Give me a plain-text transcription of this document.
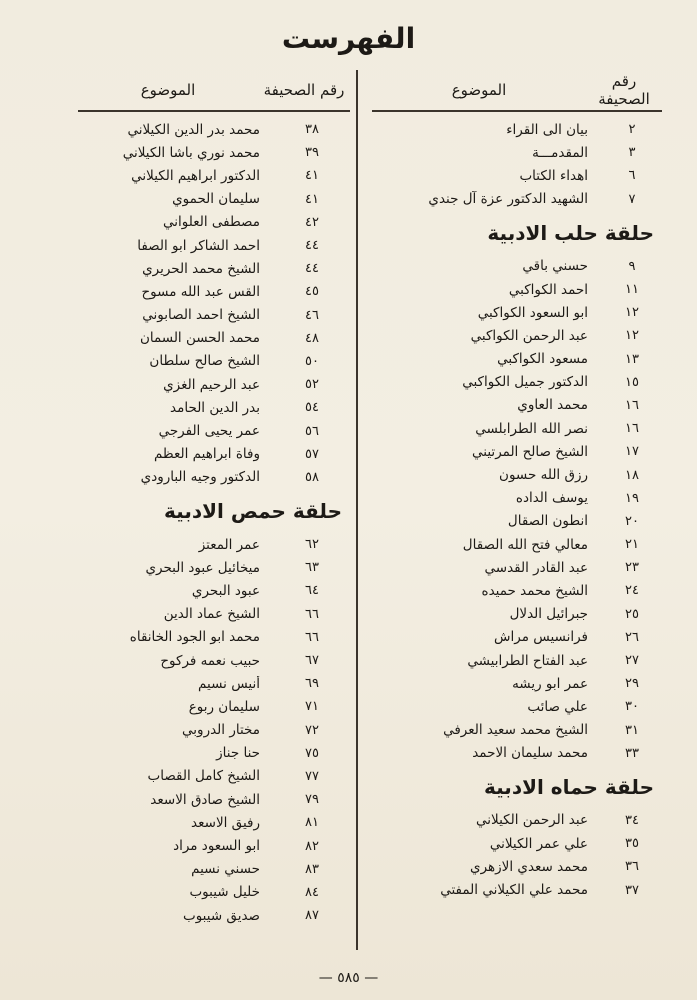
الفهرست
رقم الصحيفة
الموضوع
٢
بيان الى القراء
٣
المقدمـــة
٦
اهداء الكتاب
٧
الشهيد الدكتور عزة آل جندي
حلقة حلب الادبية
٩
حسني باقي
١١
احمد الكواكبي
١٢
ابو السعود الكواكبي
١٢
عبد الرحمن الكواكبي
١٣
مسعود الكواكبي
١٥
الدكتور جميل الكواكبي
١٦
محمد العاوي
١٦
نصر الله الطرابلسي
١٧
الشيخ صالح المرتيني
١٨
رزق الله حسون
١٩
يوسف الداده
٢٠
انطون الصقال
٢١
معالي فتح الله الصقال
٢٣
عبد القادر القدسي
٢٤
الشيخ محمد حميده
٢٥
جبرائيل الدلال
٢٦
فرانسيس مراش
٢٧
عبد الفتاح الطرابيشي
٢٩
عمر ابو ريشه
٣٠
علي صائب
٣١
الشيخ محمد سعيد العرفي
٣٣
محمد سليمان الاحمد
حلقة حماه الادبية
٣٤
عبد الرحمن الكيلاني
٣٥
علي عمر الكيلاني
٣٦
محمد سعدي الازهري
٣٧
محمد علي الكيلاني المفتي
رقم الصحيفة
الموضوع
٣٨
محمد بدر الدين الكيلاني
٣٩
محمد نوري باشا الكيلاني
٤١
الدكتور ابراهيم الكيلاني
٤١
سليمان الحموي
٤٢
مصطفى العلواني
٤٤
احمد الشاكر ابو الصفا
٤٤
الشيخ محمد الحريري
٤٥
القس عبد الله مسوح
٤٦
الشيخ احمد الصابوني
٤٨
محمد الحسن السمان
٥٠
الشيخ صالح سلطان
٥٢
عبد الرحيم الغزي
٥٤
بدر الدين الحامد
٥٦
عمر يحيى الفرجي
٥٧
وفاة ابراهيم العظم
٥٨
الدكتور وجيه البارودي
حلقة حمص الادبية
٦٢
عمر المعتز
٦٣
ميخائيل عبود البحري
٦٤
عبود البحري
٦٦
الشيخ عماد الدين
٦٦
محمد ابو الجود الخانقاه
٦٧
حبيب نعمه فركوح
٦٩
أنيس نسيم
٧١
سليمان ربوع
٧٢
مختار الدروبي
٧٥
حنا جناز
٧٧
الشيخ كامل القصاب
٧٩
الشيخ صادق الاسعد
٨١
رفيق الاسعد
٨٢
ابو السعود مراد
٨٣
حسني نسيم
٨٤
خليل شيبوب
٨٧
صديق شيبوب
— ٥٨٥ —
